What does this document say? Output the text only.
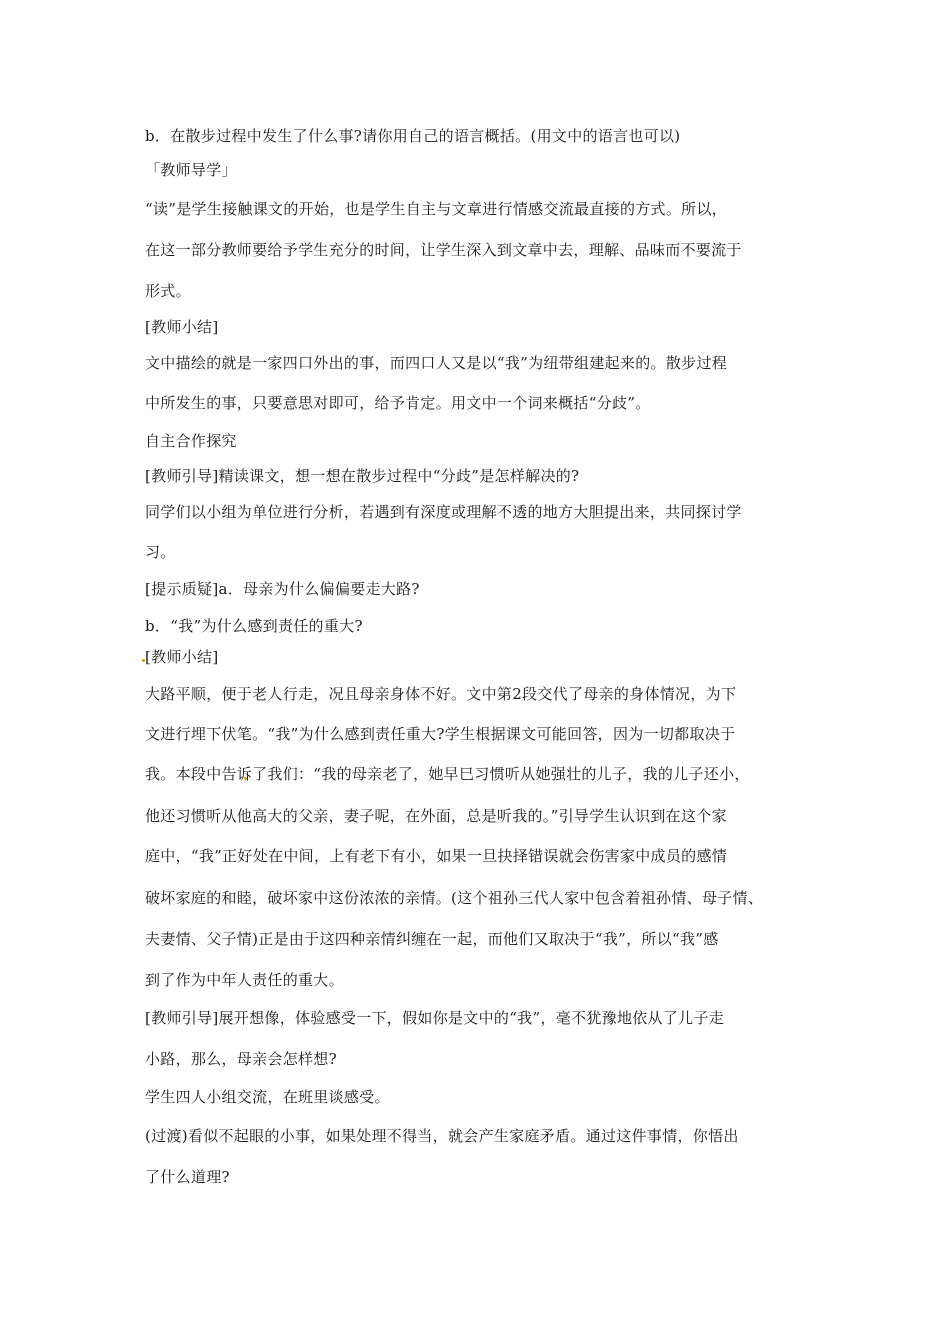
b．在散步过程中发生了什么事?请你用自己的语言概括。(用文中的语言也可以)
「教师导学」
“读”是学生接触课文的开始，也是学生自主与文章进行情感交流最直接的方式。所以，
在这一部分教师要给予学生充分的时间，让学生深入到文章中去，理解、品味而不要流于
形式。
[教师小结]
文中描绘的就是一家四口外出的事，而四口人又是以“我”为纽带组建起来的。散步过程
中所发生的事，只要意思对即可，给予肯定。用文中一个词来概括“分歧”。
自主合作探究
[教师引导]精读课文，想一想在散步过程中“分歧”是怎样解决的?
同学们以小组为单位进行分析，若遇到有深度或理解不透的地方大胆提出来，共同探讨学
习。
[提示质疑]a．母亲为什么偏偏要走大路?
b．“我”为什么感到责任的重大?
[教师小结]
大路平顺，便于老人行走，况且母亲身体不好。文中第2段交代了母亲的身体情况，为下
文进行埋下伏笔。“我”为什么感到责任重大?学生根据课文可能回答，因为一切都取决于
我。本段中告诉了我们：“我的母亲老了，她早巳习惯听从她强壮的儿子，我的儿子还小，
他还习惯听从他高大的父亲，妻子呢，在外面，总是听我的。”引导学生认识到在这个家
庭中，“我”正好处在中间，上有老下有小，如果一旦抉择错误就会伤害家中成员的感情
破坏家庭的和睦，破坏家中这份浓浓的亲情。(这个祖孙三代人家中包含着祖孙情、母子情、
夫妻情、父子情)正是由于这四种亲情纠缠在一起，而他们又取决于“我”，所以“我”感
到了作为中年人责任的重大。
[教师引导]展开想像，体验感受一下，假如你是文中的“我”，毫不犹豫地依从了儿子走
小路，那么，母亲会怎样想?
学生四人小组交流，在班里谈感受。
(过渡)看似不起眼的小事，如果处理不得当，就会产生家庭矛盾。通过这件事情，你悟出
了什么道理?
